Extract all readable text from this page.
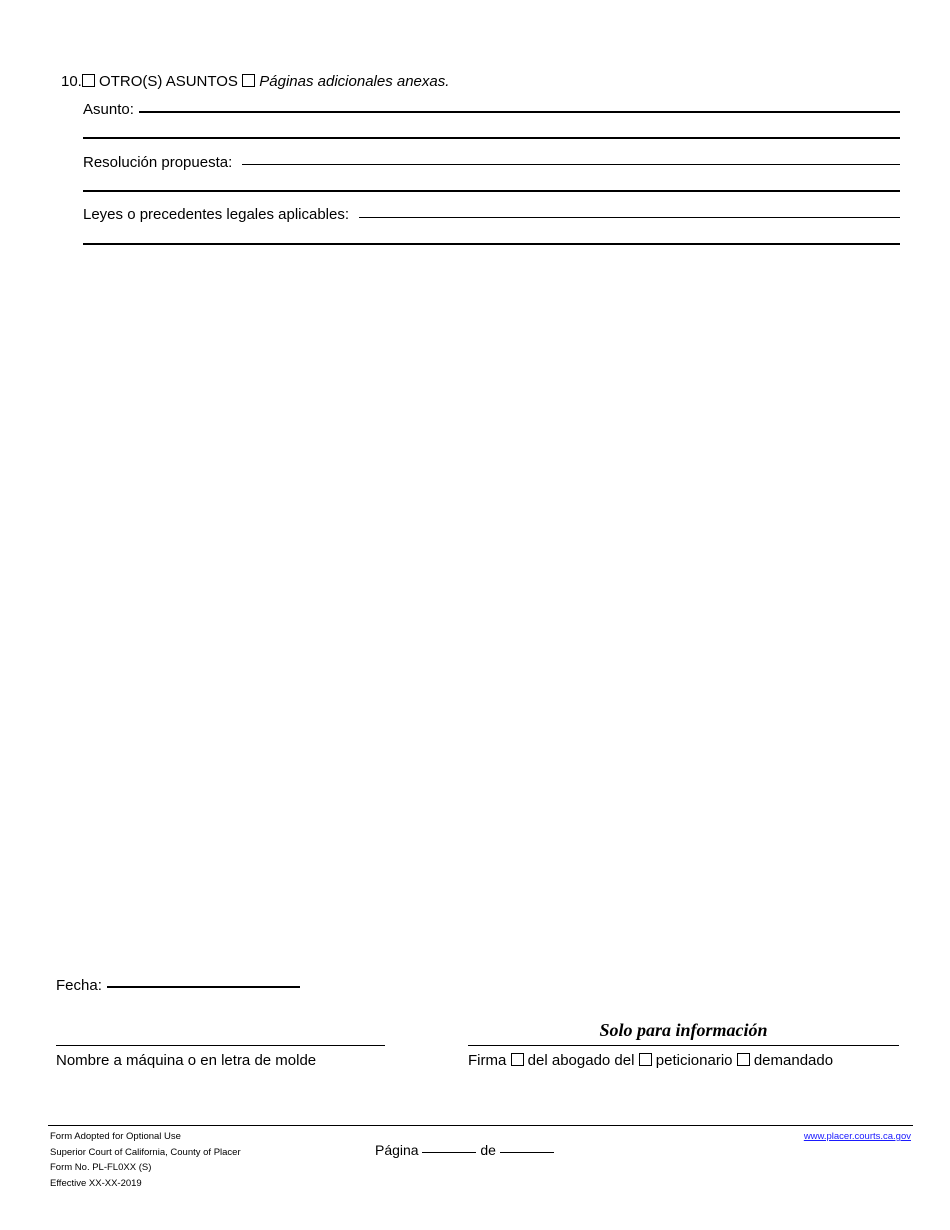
10. OTRO(S) ASUNTOS Páginas adicionales anexas.
Asunto:
Resolución propuesta:
Leyes o precedentes legales aplicables:
Fecha:
Nombre a máquina o en letra de molde
Solo para información
Firma del abogado del peticionario demandado
Form Adopted for Optional Use
Superior Court of California, County of Placer
Form No. PL-FL0XX (S)
Effective XX-XX-2019
Página	de
www.placer.courts.ca.gov
